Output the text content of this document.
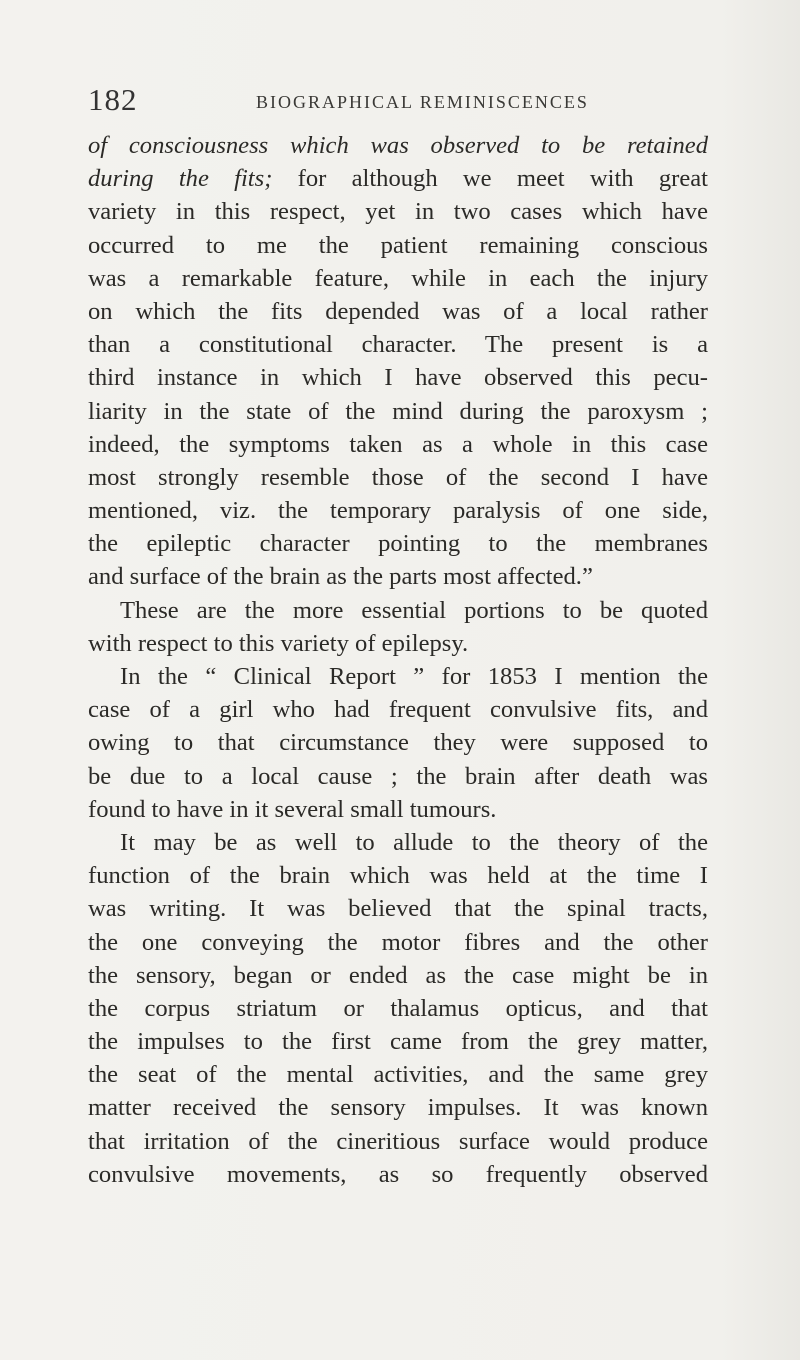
182	BIOGRAPHICAL REMINISCENCES
of consciousness which was observed to be retained
during the fits; for although we meet with great
variety in this respect, yet in two cases which have
occurred to me the patient remaining conscious
was a remarkable feature, while in each the injury
on which the fits depended was of a local rather
than a constitutional character. The present is a
third instance in which I have observed this pecu-
liarity in the state of the mind during the paroxysm ;
indeed, the symptoms taken as a whole in this case
most strongly resemble those of the second I have
mentioned, viz. the temporary paralysis of one side,
the epileptic character pointing to the membranes
and surface of the brain as the parts most affected.”
These are the more essential portions to be quoted
with respect to this variety of epilepsy.
In the “ Clinical Report ” for 1853 I mention the
case of a girl who had frequent convulsive fits, and
owing to that circumstance they were supposed to
be due to a local cause ; the brain after death was
found to have in it several small tumours.
It may be as well to allude to the theory of the
function of the brain which was held at the time I
was writing. It was believed that the spinal tracts,
the one conveying the motor fibres and the other
the sensory, began or ended as the case might be in
the corpus striatum or thalamus opticus, and that
the impulses to the first came from the grey matter,
the seat of the mental activities, and the same grey
matter received the sensory impulses. It was known
that irritation of the cineritious surface would produce
convulsive movements, as so frequently observed
